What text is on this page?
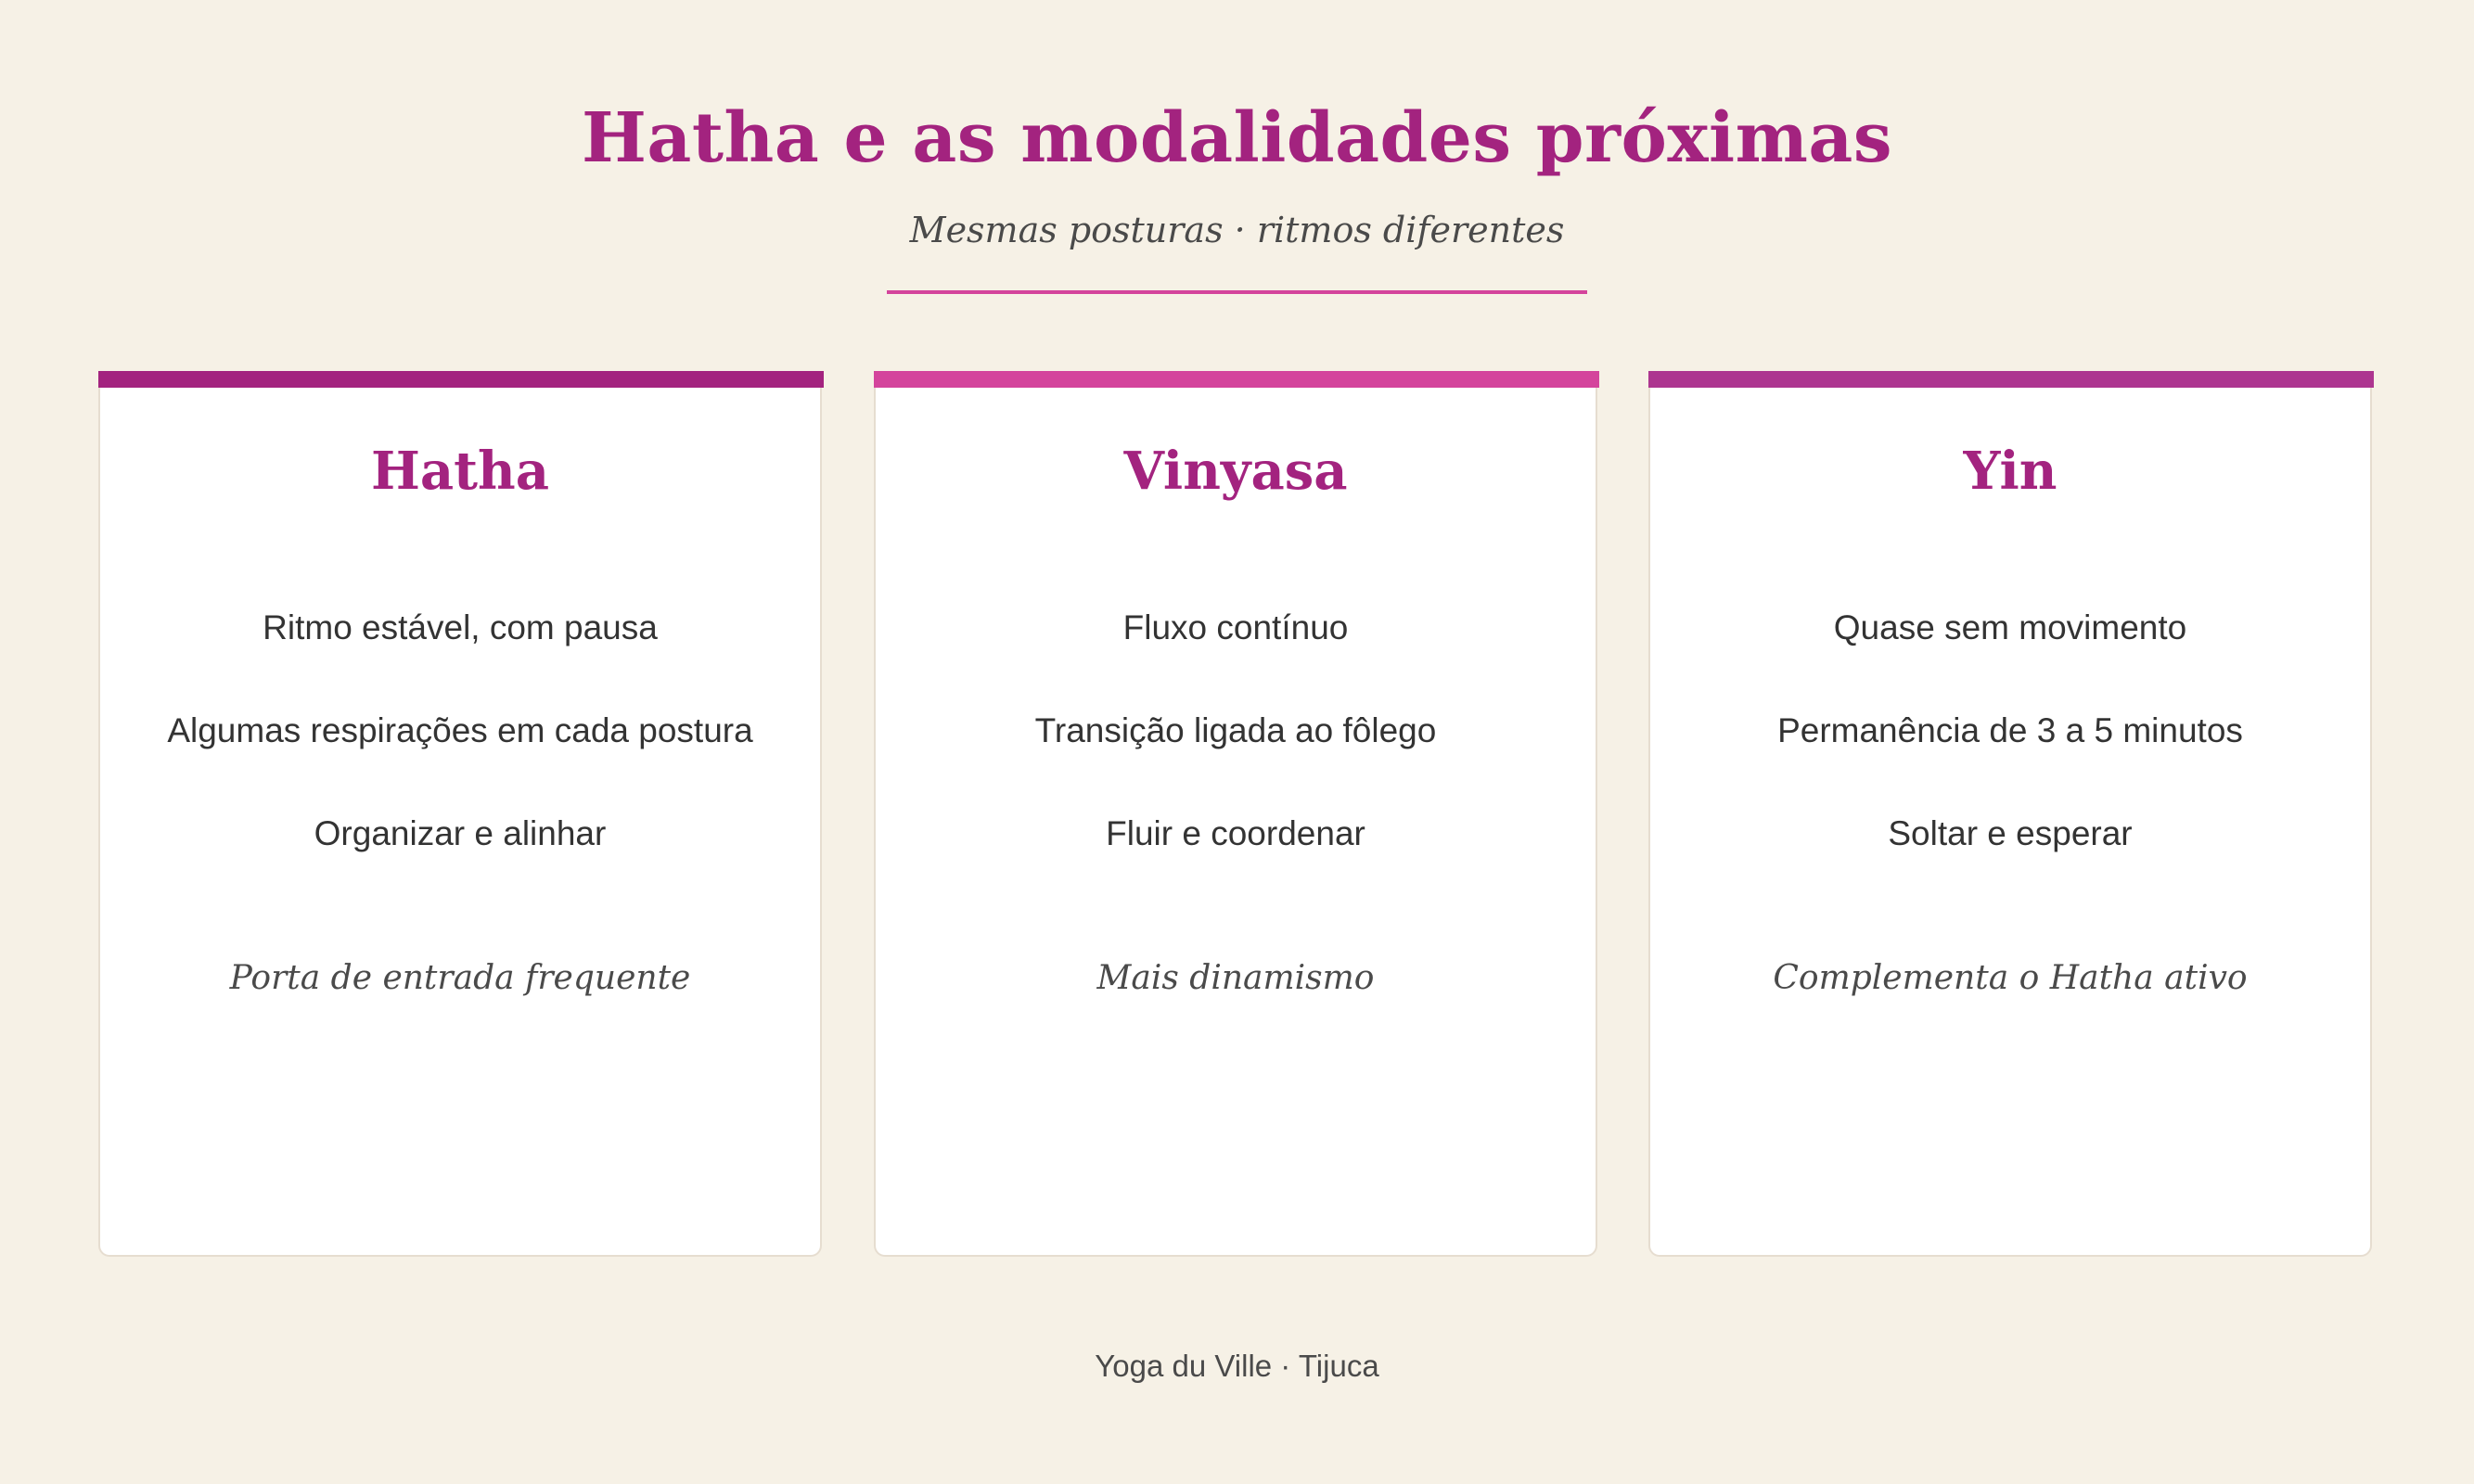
Hatha e as modalidades próximas

Mesmas posturas · ritmos diferentes

Hatha
Ritmo estável, com pausa
Algumas respirações em cada postura
Organizar e alinhar

Porta de entrada frequente

Vinyasa
Fluxo contínuo
Transição ligada ao fôlego
Fluir e coordenar

Mais dinamismo

Yin
Quase sem movimento
Permanência de 3 a 5 minutos
Soltar e esperar

Complementa o Hatha ativo

Yoga du Ville · Tijuca
